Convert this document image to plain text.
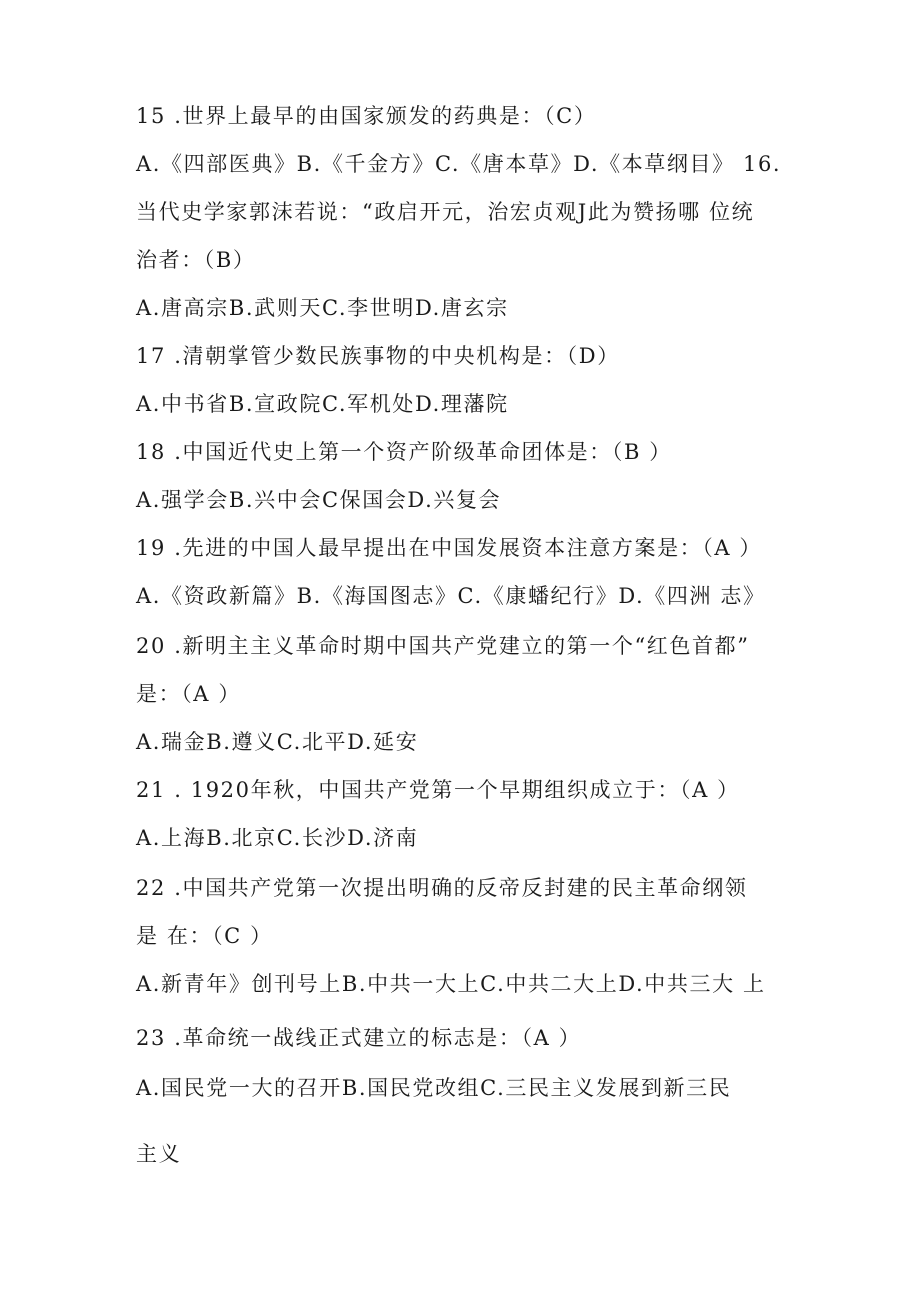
15 .世界上最早的由国家颁发的药典是：（C）
A.《四部医典》B.《千金方》C.《唐本草》D.《本草纲目》 16.
当代史学家郭沫若说：“政启开元，治宏贞观J此为赞扬哪 位统
治者：（B）
A.唐高宗B.武则天C.李世明D.唐玄宗
17 .清朝掌管少数民族事物的中央机构是：（D）
A.中书省B.宣政院C.军机处D.理藩院
18 .中国近代史上第一个资产阶级革命团体是：（B ）
A.强学会B.兴中会C保国会D.兴复会
19 .先进的中国人最早提出在中国发展资本注意方案是：（A ）
A.《资政新篇》B.《海国图志》C.《康蟠纪行》D.《四洲 志》
20 .新明主主义革命时期中国共产党建立的第一个“红色首都”
是：（A ）
A.瑞金B.遵义C.北平D.延安
21 . 1920年秋，中国共产党第一个早期组织成立于：（A ）
A.上海B.北京C.长沙D.济南
22 .中国共产党第一次提出明确的反帝反封建的民主革命纲领
是 在：（C ）
A.新青年》创刊号上B.中共一大上C.中共二大上D.中共三大 上
23 .革命统一战线正式建立的标志是：（A ）
A.国民党一大的召开B.国民党改组C.三民主义发展到新三民
主义
